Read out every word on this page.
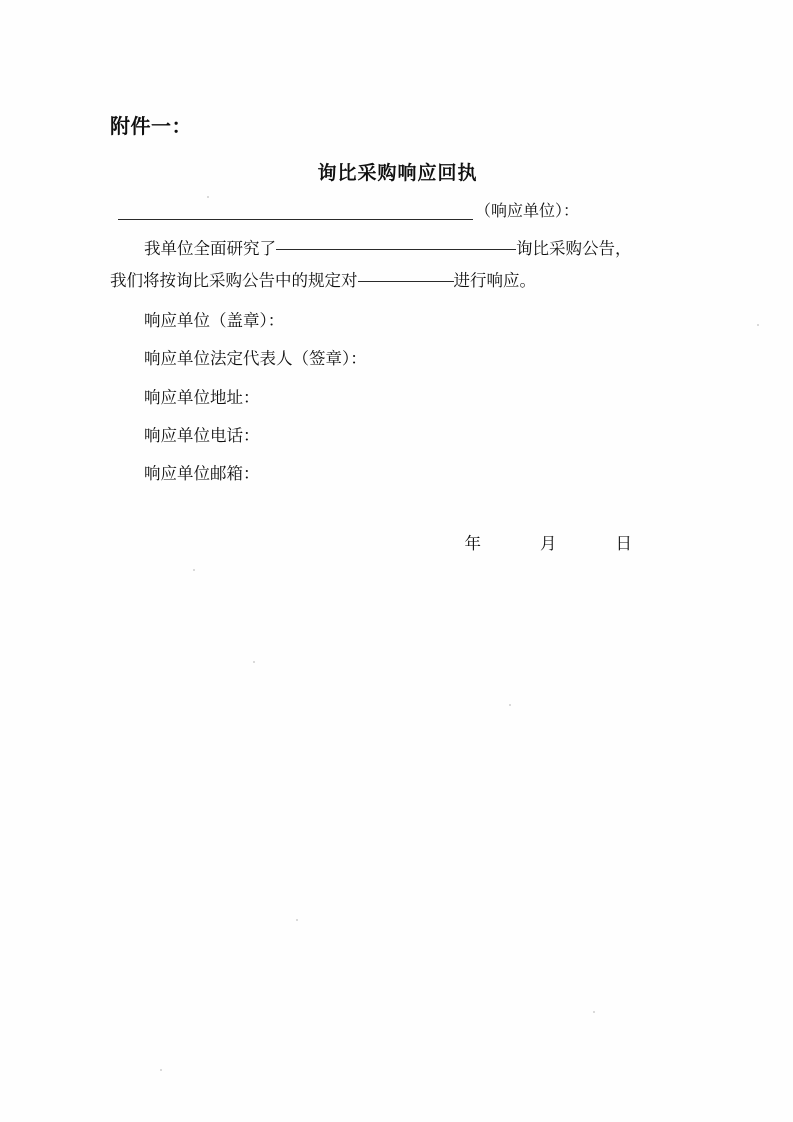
附件一：
询比采购响应回执
（响应单位）：
我单位全面研究了	询比采购公告，
我们将按询比采购公告中的规定对	进行响应。
响应单位（盖章）：
响应单位法定代表人（签章）：
响应单位地址：
响应单位电话：
响应单位邮箱：
年	月	日
